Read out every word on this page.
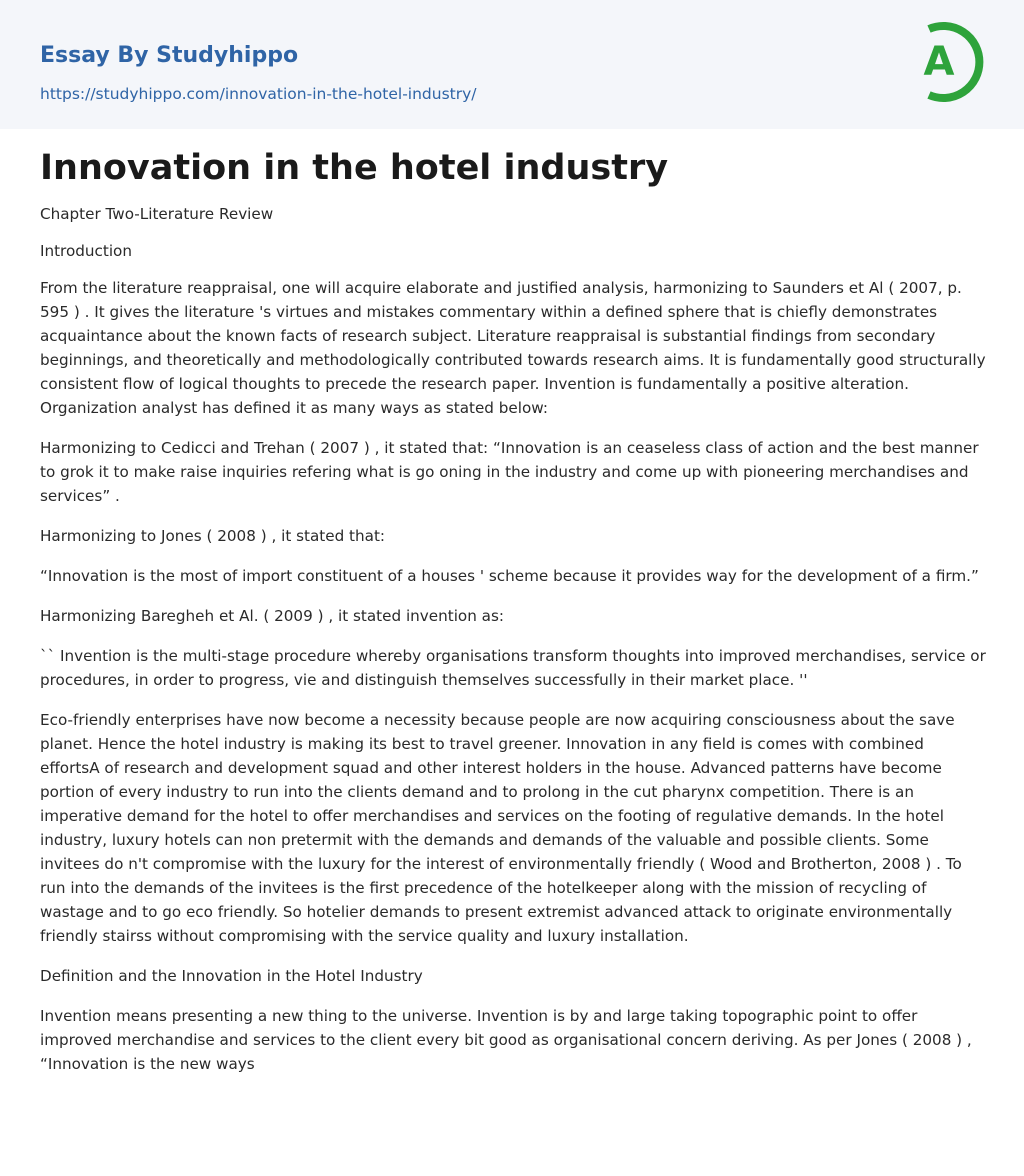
Essay By Studyhippo
https://studyhippo.com/innovation-in-the-hotel-industry/
A
Innovation in the hotel industry

Chapter Two-Literature Review

Introduction

From the literature reappraisal, one will acquire elaborate and justified analysis, harmonizing to Saunders et Al ( 2007, p. 595 ) . It gives the literature 's virtues and mistakes commentary within a defined sphere that is chiefly demonstrates acquaintance about the known facts of research subject. Literature reappraisal is substantial findings from secondary beginnings, and theoretically and methodologically contributed towards research aims. It is fundamentally good structurally consistent flow of logical thoughts to precede the research paper. Invention is fundamentally a positive alteration. Organization analyst has defined it as many ways as stated below:

Harmonizing to Cedicci and Trehan ( 2007 ) , it stated that: “Innovation is an ceaseless class of action and the best manner to grok it to make raise inquiries refering what is go oning in the industry and come up with pioneering merchandises and services” .

Harmonizing to Jones ( 2008 ) , it stated that:

“Innovation is the most of import constituent of a houses ' scheme because it provides way for the development of a firm.”

Harmonizing Baregheh et Al. ( 2009 ) , it stated invention as:

`` Invention is the multi-stage procedure whereby organisations transform thoughts into improved merchandises, service or procedures, in order to progress, vie and distinguish themselves successfully in their market place. ''

Eco-friendly enterprises have now become a necessity because people are now acquiring consciousness about the save planet. Hence the hotel industry is making its best to travel greener. Innovation in any field is comes with combined effortsA of research and development squad and other interest holders in the house. Advanced patterns have become portion of every industry to run into the clients demand and to prolong in the cut pharynx competition. There is an imperative demand for the hotel to offer merchandises and services on the footing of regulative demands. In the hotel industry, luxury hotels can non pretermit with the demands and demands of the valuable and possible clients. Some invitees do n't compromise with the luxury for the interest of environmentally friendly ( Wood and Brotherton, 2008 ) . To run into the demands of the invitees is the first precedence of the hotelkeeper along with the mission of recycling of wastage and to go eco friendly. So hotelier demands to present extremist advanced attack to originate environmentally friendly stairss without compromising with the service quality and luxury installation.

Definition and the Innovation in the Hotel Industry

Invention means presenting a new thing to the universe. Invention is by and large taking topographic point to offer improved merchandise and services to the client every bit good as organisational concern deriving. As per Jones ( 2008 ) , “Innovation is the new ways
